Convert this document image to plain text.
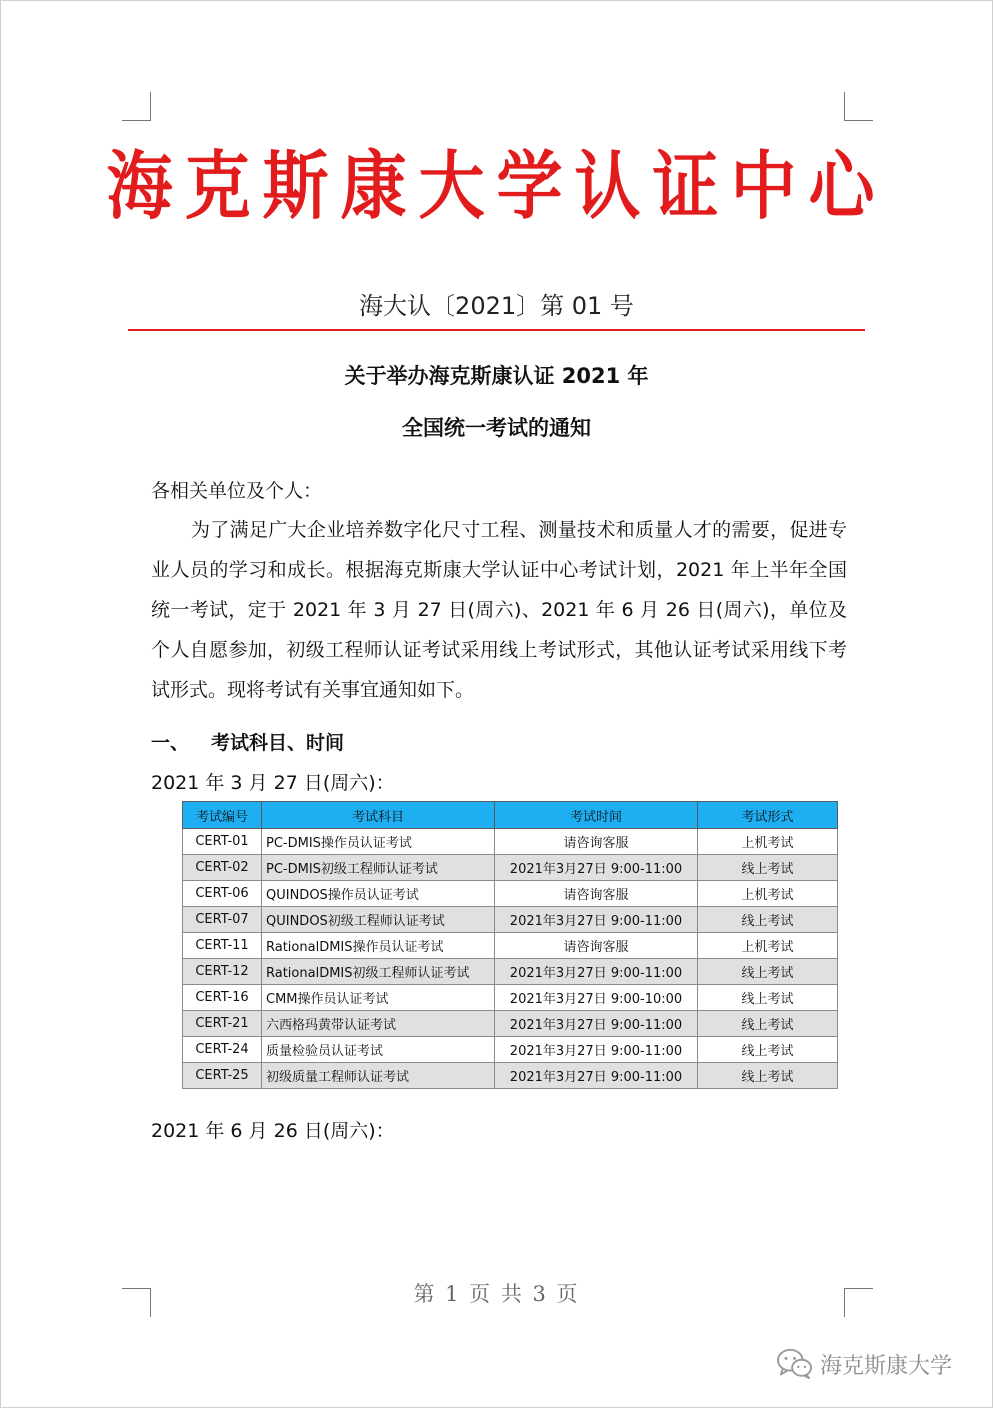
海克斯康大学认证中心
海大认〔2021〕第 01 号
关于举办海克斯康认证 2021 年
全国统一考试的通知
各相关单位及个人：
为了满足广大企业培养数字化尺寸工程、测量技术和质量人才的需要，促进专业人员的学习和成长。根据海克斯康大学认证中心考试计划，2021 年上半年全国统一考试，定于 2021 年 3 月 27 日(周六)、2021 年 6 月 26 日(周六)，单位及个人自愿参加，初级工程师认证考试采用线上考试形式，其他认证考试采用线下考试形式。现将考试有关事宜通知如下。
一、 考试科目、时间
2021 年 3 月 27 日(周六)：
考试编号	考试科目	考试时间	考试形式
CERT-01	PC-DMIS操作员认证考试	请咨询客服	上机考试
CERT-02	PC-DMIS初级工程师认证考试	2021年3月27日 9:00-11:00	线上考试
CERT-06	QUINDOS操作员认证考试	请咨询客服	上机考试
CERT-07	QUINDOS初级工程师认证考试	2021年3月27日 9:00-11:00	线上考试
CERT-11	RationalDMIS操作员认证考试	请咨询客服	上机考试
CERT-12	RationalDMIS初级工程师认证考试	2021年3月27日 9:00-11:00	线上考试
CERT-16	CMM操作员认证考试	2021年3月27日 9:00-10:00	线上考试
CERT-21	六西格玛黄带认证考试	2021年3月27日 9:00-11:00	线上考试
CERT-24	质量检验员认证考试	2021年3月27日 9:00-11:00	线上考试
CERT-25	初级质量工程师认证考试	2021年3月27日 9:00-11:00	线上考试
2021 年 6 月 26 日(周六)：
第 1 页 共 3 页
海克斯康大学
